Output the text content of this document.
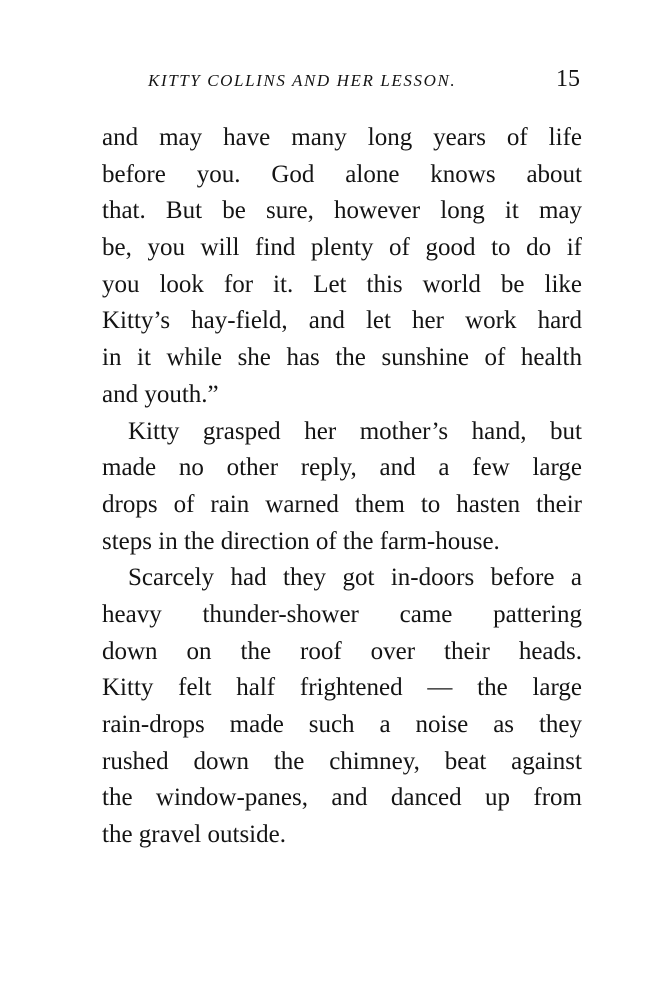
KITTY COLLINS AND HER LESSON.	15
and may have many long years of life
before you. God alone knows about
that. But be sure, however long it may
be, you will find plenty of good to do if
you look for it. Let this world be like
Kitty’s hay-field, and let her work hard
in it while she has the sunshine of health
and youth.”
Kitty grasped her mother’s hand, but
made no other reply, and a few large
drops of rain warned them to hasten their
steps in the direction of the farm-house.
Scarcely had they got in-doors before a
heavy thunder-shower came pattering
down on the roof over their heads.
Kitty felt half frightened — the large
rain-drops made such a noise as they
rushed down the chimney, beat against
the window-panes, and danced up from
the gravel outside.
